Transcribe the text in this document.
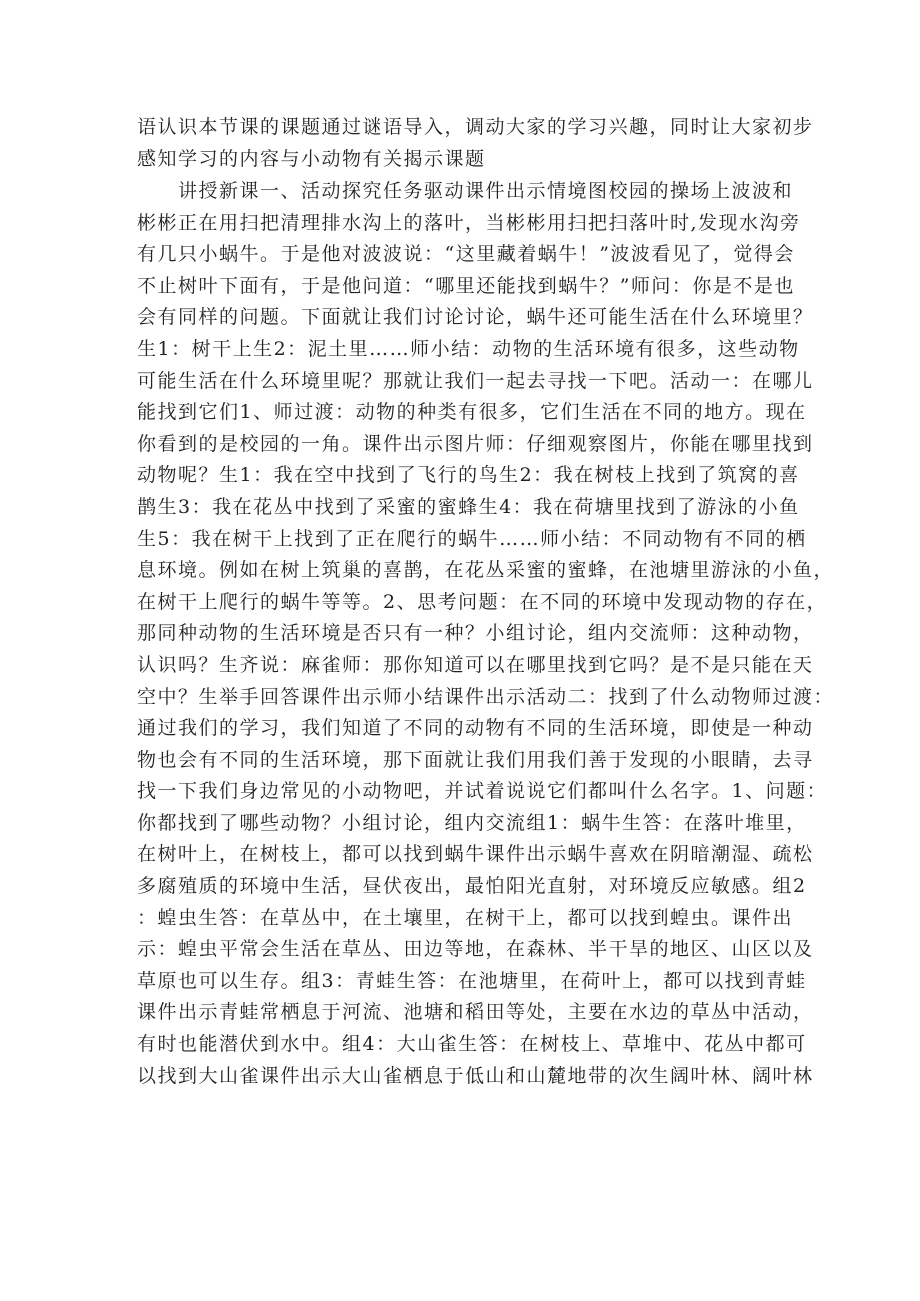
语认识本节课的课题通过谜语导入，调动大家的学习兴趣，同时让大家初步
感知学习的内容与小动物有关揭示课题
　　讲授新课一、活动探究任务驱动课件出示情境图校园的操场上波波和
彬彬正在用扫把清理排水沟上的落叶，当彬彬用扫把扫落叶时,发现水沟旁
有几只小蜗牛。于是他对波波说：“这里藏着蜗牛！”波波看见了，觉得会
不止树叶下面有，于是他问道：“哪里还能找到蜗牛？”师问：你是不是也
会有同样的问题。下面就让我们讨论讨论，蜗牛还可能生活在什么环境里？
生1：树干上生2：泥土里……师小结：动物的生活环境有很多，这些动物
可能生活在什么环境里呢？那就让我们一起去寻找一下吧。活动一：在哪儿
能找到它们1、师过渡：动物的种类有很多，它们生活在不同的地方。现在
你看到的是校园的一角。课件出示图片师：仔细观察图片，你能在哪里找到
动物呢？生1：我在空中找到了飞行的鸟生2：我在树枝上找到了筑窝的喜
鹊生3：我在花丛中找到了采蜜的蜜蜂生4：我在荷塘里找到了游泳的小鱼
生5：我在树干上找到了正在爬行的蜗牛……师小结：不同动物有不同的栖
息环境。例如在树上筑巢的喜鹊，在花丛采蜜的蜜蜂，在池塘里游泳的小鱼，
在树干上爬行的蜗牛等等。2、思考问题：在不同的环境中发现动物的存在，
那同种动物的生活环境是否只有一种？小组讨论，组内交流师：这种动物，
认识吗？生齐说：麻雀师：那你知道可以在哪里找到它吗？是不是只能在天
空中？生举手回答课件出示师小结课件出示活动二：找到了什么动物师过渡：
通过我们的学习，我们知道了不同的动物有不同的生活环境，即使是一种动
物也会有不同的生活环境，那下面就让我们用我们善于发现的小眼睛，去寻
找一下我们身边常见的小动物吧，并试着说说它们都叫什么名字。1、问题：
你都找到了哪些动物？小组讨论，组内交流组1：蜗牛生答：在落叶堆里，
在树叶上，在树枝上，都可以找到蜗牛课件出示蜗牛喜欢在阴暗潮湿、疏松
多腐殖质的环境中生活，昼伏夜出，最怕阳光直射，对环境反应敏感。组2
：蝗虫生答：在草丛中，在土壤里，在树干上，都可以找到蝗虫。课件出
示：蝗虫平常会生活在草丛、田边等地，在森林、半干旱的地区、山区以及
草原也可以生存。组3：青蛙生答：在池塘里，在荷叶上，都可以找到青蛙
课件出示青蛙常栖息于河流、池塘和稻田等处，主要在水边的草丛中活动，
有时也能潜伏到水中。组4：大山雀生答：在树枝上、草堆中、花丛中都可
以找到大山雀课件出示大山雀栖息于低山和山麓地带的次生阔叶林、阔叶林
